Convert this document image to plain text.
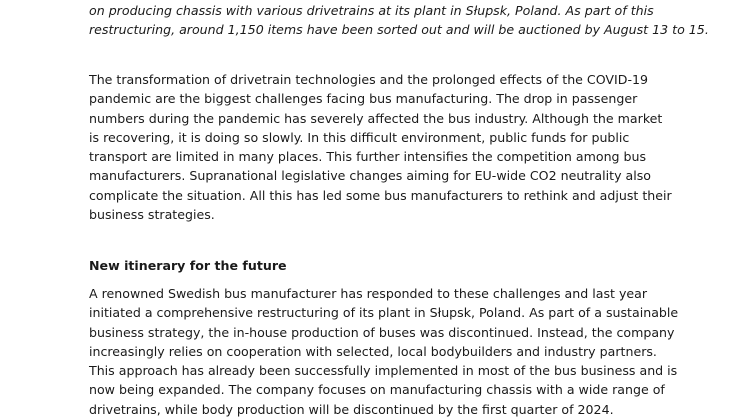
on producing chassis with various drivetrains at its plant in Słupsk, Poland. As part of this
restructuring, around 1,150 items have been sorted out and will be auctioned by August 13 to 15.

The transformation of drivetrain technologies and the prolonged effects of the COVID-19
pandemic are the biggest challenges facing bus manufacturing. The drop in passenger
numbers during the pandemic has severely affected the bus industry. Although the market
is recovering, it is doing so slowly. In this difficult environment, public funds for public
transport are limited in many places. This further intensifies the competition among bus
manufacturers. Supranational legislative changes aiming for EU-wide CO2 neutrality also
complicate the situation. All this has led some bus manufacturers to rethink and adjust their
business strategies.

New itinerary for the future

A renowned Swedish bus manufacturer has responded to these challenges and last year
initiated a comprehensive restructuring of its plant in Słupsk, Poland. As part of a sustainable
business strategy, the in-house production of buses was discontinued. Instead, the company
increasingly relies on cooperation with selected, local bodybuilders and industry partners.
This approach has already been successfully implemented in most of the bus business and is
now being expanded. The company focuses on manufacturing chassis with a wide range of
drivetrains, while body production will be discontinued by the first quarter of 2024.
